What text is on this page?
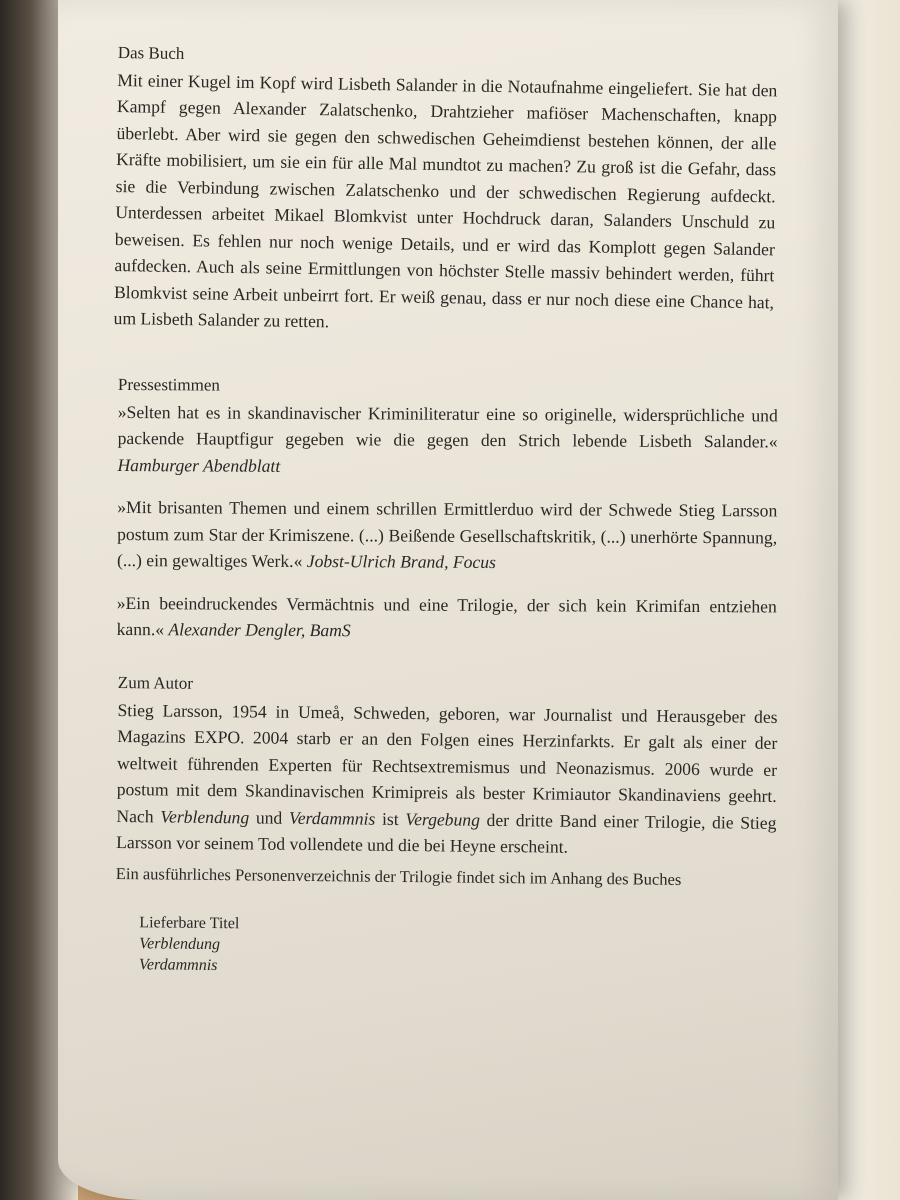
Das Buch

Mit einer Kugel im Kopf wird Lisbeth Salander in die Notaufnahme eingeliefert. Sie hat den Kampf gegen Alexander Zalatschenko, Drahtzieher mafiöser Machenschaften, knapp überlebt. Aber wird sie gegen den schwedischen Geheimdienst bestehen können, der alle Kräfte mobilisiert, um sie ein für alle Mal mundtot zu machen? Zu groß ist die Gefahr, dass sie die Verbindung zwischen Zalatschenko und der schwedischen Regierung aufdeckt. Unterdessen arbeitet Mikael Blomkvist unter Hochdruck daran, Salanders Unschuld zu beweisen. Es fehlen nur noch wenige Details, und er wird das Komplott gegen Salander aufdecken. Auch als seine Ermittlungen von höchster Stelle massiv behindert werden, führt Blomkvist seine Arbeit unbeirrt fort. Er weiß genau, dass er nur noch diese eine Chance hat, um Lisbeth Salander zu retten.

Pressestimmen

»Selten hat es in skandinavischer Kriminiliteratur eine so originelle, widersprüchliche und packende Hauptfigur gegeben wie die gegen den Strich lebende Lisbeth Salander.« Hamburger Abendblatt

»Mit brisanten Themen und einem schrillen Ermittlerduo wird der Schwede Stieg Larsson postum zum Star der Krimiszene. (...) Beißende Gesellschaftskritik, (...) unerhörte Spannung, (...) ein gewaltiges Werk.« Jobst-Ulrich Brand, Focus

»Ein beeindruckendes Vermächtnis und eine Trilogie, der sich kein Krimifan entziehen kann.« Alexander Dengler, BamS

Zum Autor

Stieg Larsson, 1954 in Umeå, Schweden, geboren, war Journalist und Herausgeber des Magazins EXPO. 2004 starb er an den Folgen eines Herzinfarkts. Er galt als einer der weltweit führenden Experten für Rechtsextremismus und Neonazismus. 2006 wurde er postum mit dem Skandinavischen Krimipreis als bester Krimiautor Skandinaviens geehrt. Nach Verblendung und Verdammnis ist Vergebung der dritte Band einer Trilogie, die Stieg Larsson vor seinem Tod vollendete und die bei Heyne erscheint.

Ein ausführliches Personenverzeichnis der Trilogie findet sich im Anhang des Buches

Lieferbare Titel
Verblendung
Verdammnis
